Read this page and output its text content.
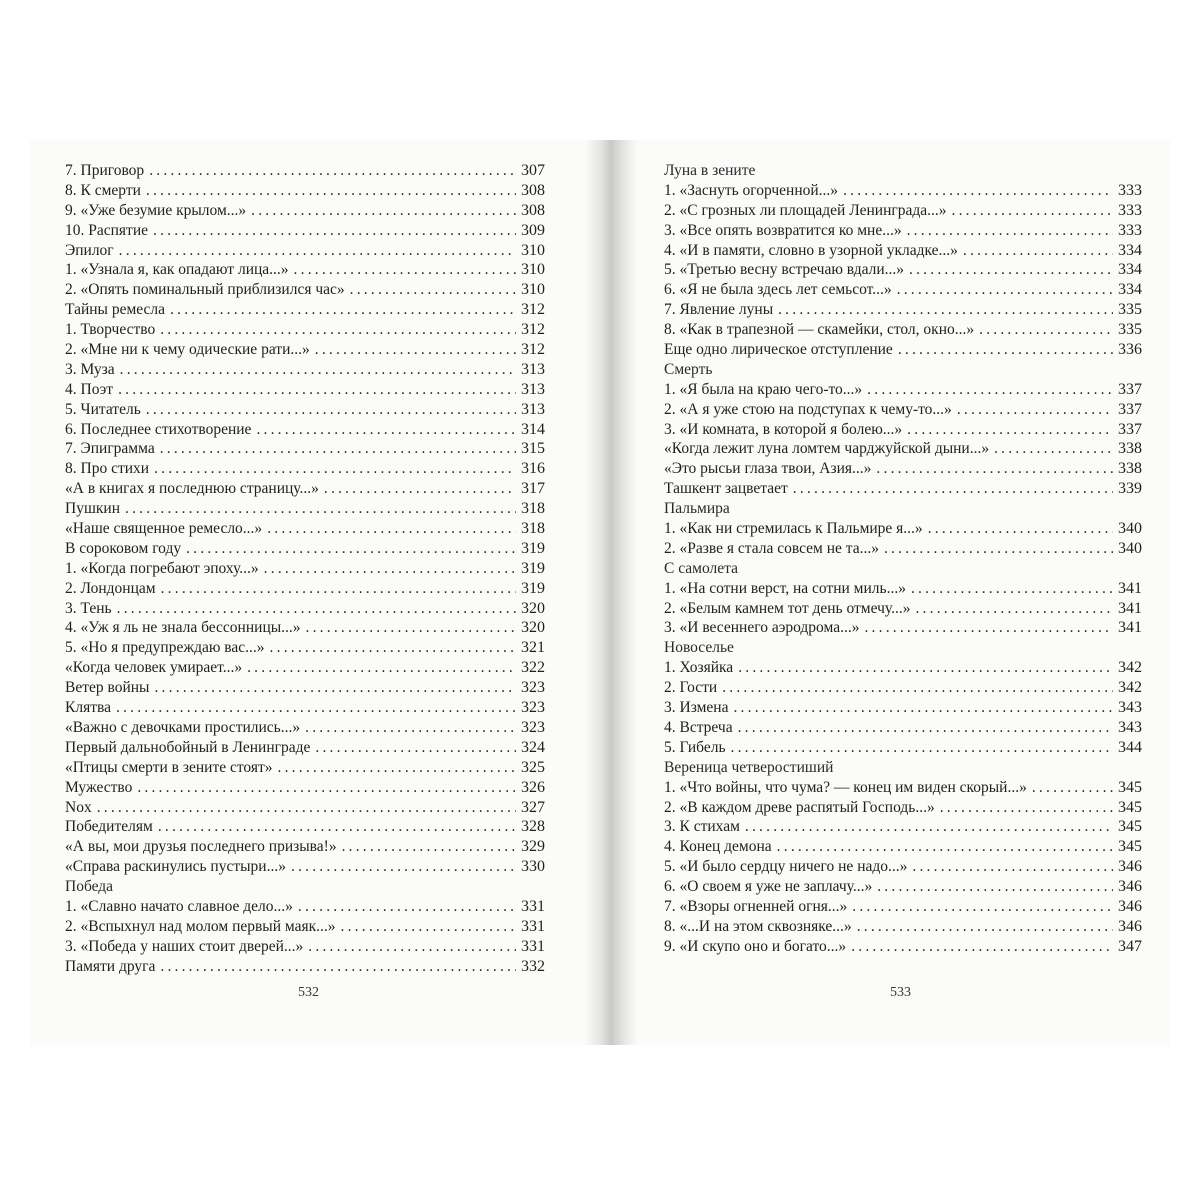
7. Приговор .....	307
8. К смерти .....	308
9. «Уже безумие крылом...» .....	308
10. Распятие .....	309
Эпилог .....	310
1. «Узнала я, как опадают лица...» .....	310
2. «Опять поминальный приблизился час» .....	310
Тайны ремесла .....	312
1. Творчество .....	312
2. «Мне ни к чему одические рати...» .....	312
3. Муза .....	313
4. Поэт .....	313
5. Читатель .....	313
6. Последнее стихотворение .....	314
7. Эпиграмма .....	315
8. Про стихи .....	316
«А в книгах я последнюю страницу...» .....	317
Пушкин .....	318
«Наше священное ремесло...» .....	318
В сороковом году .....	319
1. «Когда погребают эпоху...» .....	319
2. Лондонцам .....	319
3. Тень .....	320
4. «Уж я ль не знала бессонницы...» .....	320
5. «Но я предупреждаю вас...» .....	321
«Когда человек умирает...» .....	322
Ветер войны .....	323
Клятва .....	323
«Важно с девочками простились...» .....	323
Первый дальнобойный в Ленинграде .....	324
«Птицы смерти в зените стоят» .....	325
Мужество .....	326
Nox .....	327
Победителям .....	328
«А вы, мои друзья последнего призыва!» .....	329
«Справа раскинулись пустыри...» .....	330
Победа
1. «Славно начато славное дело...» .....	331
2. «Вспыхнул над молом первый маяк...» .....	331
3. «Победа у наших стоит дверей...» .....	331
Памяти друга .....	332
532
Луна в зените
1. «Заснуть огорченной...» .....	333
2. «С грозных ли площадей Ленинграда...» .....	333
3. «Все опять возвратится ко мне...» .....	333
4. «И в памяти, словно в узорной укладке...» .....	334
5. «Третью весну встречаю вдали...» .....	334
6. «Я не была здесь лет семьсот...» .....	334
7. Явление луны .....	335
8. «Как в трапезной — скамейки, стол, окно...» .....	335
Еще одно лирическое отступление .....	336
Смерть
1. «Я была на краю чего-то...» .....	337
2. «А я уже стою на подступах к чему-то...» .....	337
3. «И комната, в которой я болею...» .....	337
«Когда лежит луна ломтем чарджуйской дыни...» .....	338
«Это рысьи глаза твои, Азия...» .....	338
Ташкент зацветает .....	339
Пальмира
1. «Как ни стремилась к Пальмире я...» .....	340
2. «Разве я стала совсем не та...» .....	340
С самолета
1. «На сотни верст, на сотни миль...» .....	341
2. «Белым камнем тот день отмечу...» .....	341
3. «И весеннего аэродрома...» .....	341
Новоселье
1. Хозяйка .....	342
2. Гости .....	342
3. Измена .....	343
4. Встреча .....	343
5. Гибель .....	344
Вереница четверостиший
1. «Что войны, что чума? — конец им виден скорый...» .....	345
2. «В каждом древе распятый Господь...» .....	345
3. К стихам .....	345
4. Конец демона .....	345
5. «И было сердцу ничего не надо...» .....	346
6. «О своем я уже не заплачу...» .....	346
7. «Взоры огненней огня...» .....	346
8. «...И на этом сквозняке...» .....	346
9. «И скупо оно и богато...» .....	347
533
